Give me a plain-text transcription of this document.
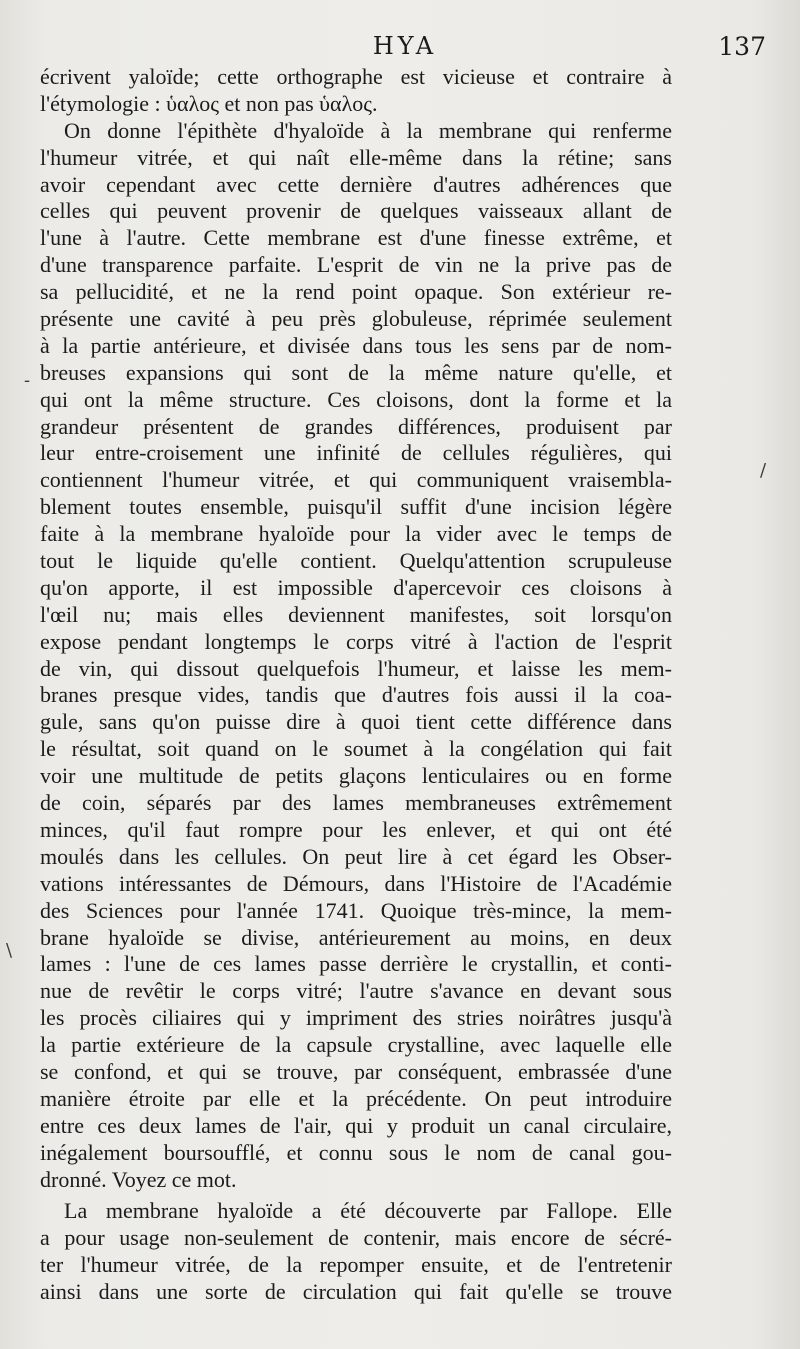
HYA	137
écrivent yaloïde; cette orthographe est vicieuse et contraire à
l'étymologie : ὑαλος et non pas ὑαλος.
On donne l'épithète d'hyaloïde à la membrane qui renferme
l'humeur vitrée, et qui naît elle-même dans la rétine; sans
avoir cependant avec cette dernière d'autres adhérences que
celles qui peuvent provenir de quelques vaisseaux allant de
l'une à l'autre. Cette membrane est d'une finesse extrême, et
d'une transparence parfaite. L'esprit de vin ne la prive pas de
sa pellucidité, et ne la rend point opaque. Son extérieur re-
présente une cavité à peu près globuleuse, réprimée seulement
à la partie antérieure, et divisée dans tous les sens par de nom-
breuses expansions qui sont de la même nature qu'elle, et
qui ont la même structure. Ces cloisons, dont la forme et la
grandeur présentent de grandes différences, produisent par
leur entre-croisement une infinité de cellules régulières, qui
contiennent l'humeur vitrée, et qui communiquent vraisembla-
blement toutes ensemble, puisqu'il suffit d'une incision légère
faite à la membrane hyaloïde pour la vider avec le temps de
tout le liquide qu'elle contient. Quelqu'attention scrupuleuse
qu'on apporte, il est impossible d'apercevoir ces cloisons à
l'œil nu; mais elles deviennent manifestes, soit lorsqu'on
expose pendant longtemps le corps vitré à l'action de l'esprit
de vin, qui dissout quelquefois l'humeur, et laisse les mem-
branes presque vides, tandis que d'autres fois aussi il la coa-
gule, sans qu'on puisse dire à quoi tient cette différence dans
le résultat, soit quand on le soumet à la congélation qui fait
voir une multitude de petits glaçons lenticulaires ou en forme
de coin, séparés par des lames membraneuses extrêmement
minces, qu'il faut rompre pour les enlever, et qui ont été
moulés dans les cellules. On peut lire à cet égard les Obser-
vations intéressantes de Démours, dans l'Histoire de l'Académie
des Sciences pour l'année 1741. Quoique très-mince, la mem-
brane hyaloïde se divise, antérieurement au moins, en deux
lames : l'une de ces lames passe derrière le crystallin, et conti-
nue de revêtir le corps vitré; l'autre s'avance en devant sous
les procès ciliaires qui y impriment des stries noirâtres jusqu'à
la partie extérieure de la capsule crystalline, avec laquelle elle
se confond, et qui se trouve, par conséquent, embrassée d'une
manière étroite par elle et la précédente. On peut introduire
entre ces deux lames de l'air, qui y produit un canal circulaire,
inégalement boursoufflé, et connu sous le nom de canal gou-
dronné. Voyez ce mot.
La membrane hyaloïde a été découverte par Fallope. Elle
a pour usage non-seulement de contenir, mais encore de sécré-
ter l'humeur vitrée, de la repomper ensuite, et de l'entretenir
ainsi dans une sorte de circulation qui fait qu'elle se trouve
-
/
\
